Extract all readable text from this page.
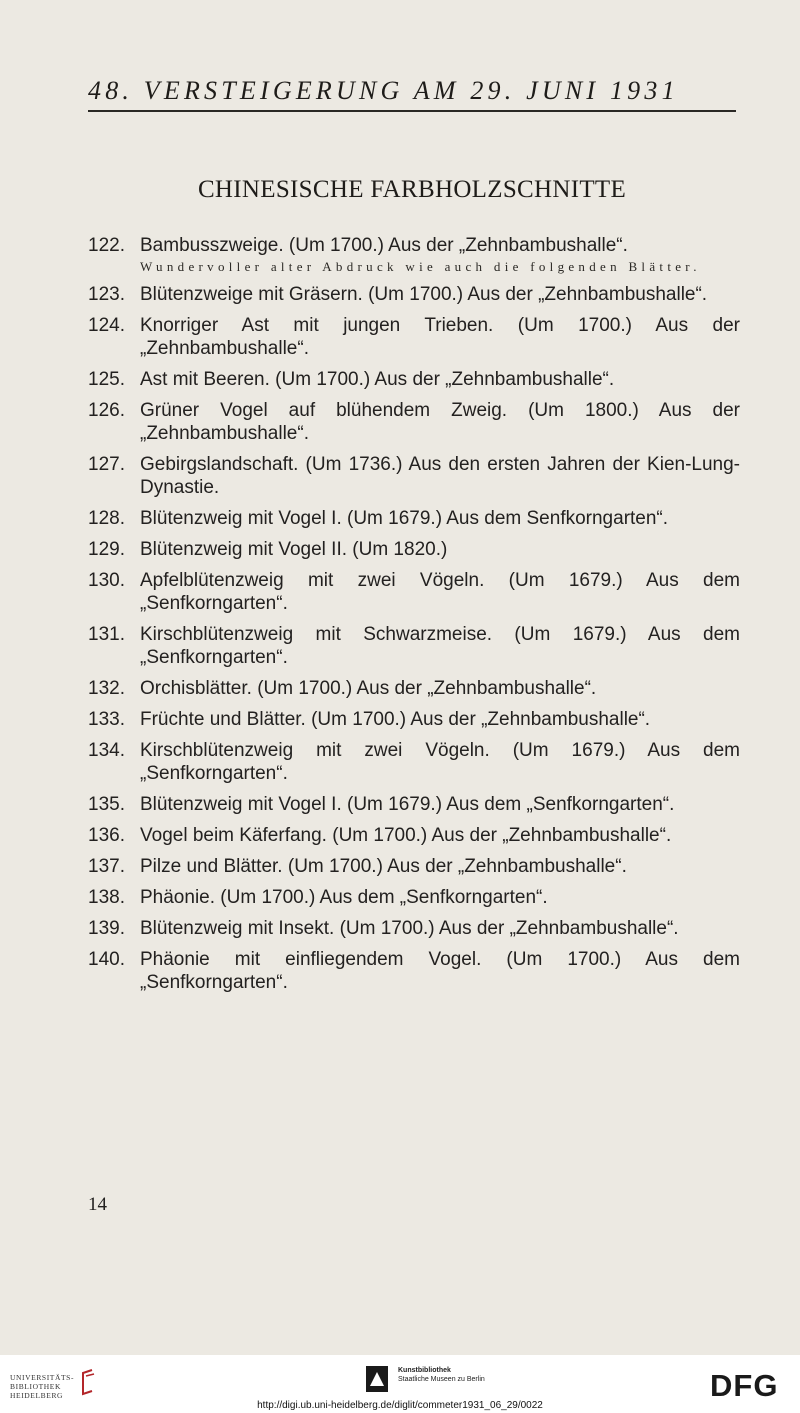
48. VERSTEIGERUNG AM 29. JUNI 1931
CHINESISCHE FARBHOLZSCHNITTE
122. Bambusszweige. (Um 1700.) Aus der „Zehnbambushalle“.
Wundervoller alter Abdruck wie auch die folgenden Blätter.
123. Blütenzweige mit Gräsern. (Um 1700.) Aus der „Zehnbambushalle“.
124. Knorriger Ast mit jungen Trieben. (Um 1700.) Aus der „Zehnbambushalle“.
125. Ast mit Beeren. (Um 1700.) Aus der „Zehnbambushalle“.
126. Grüner Vogel auf blühendem Zweig. (Um 1800.) Aus der „Zehnbambushalle“.
127. Gebirgslandschaft. (Um 1736.) Aus den ersten Jahren der Kien-Lung-Dynastie.
128. Blütenzweig mit Vogel I. (Um 1679.) Aus dem Senfkorngarten“.
129. Blütenzweig mit Vogel II. (Um 1820.)
130. Apfelblütenzweig mit zwei Vögeln. (Um 1679.) Aus dem „Senfkorngarten“.
131. Kirschblütenzweig mit Schwarzmeise. (Um 1679.) Aus dem „Senfkorngarten“.
132. Orchisblätter. (Um 1700.) Aus der „Zehnbambushalle“.
133. Früchte und Blätter. (Um 1700.) Aus der „Zehnbambushalle“.
134. Kirschblütenzweig mit zwei Vögeln. (Um 1679.) Aus dem „Senfkorngarten“.
135. Blütenzweig mit Vogel I. (Um 1679.) Aus dem „Senfkorngarten“.
136. Vogel beim Käferfang. (Um 1700.) Aus der „Zehnbambushalle“.
137. Pilze und Blätter. (Um 1700.) Aus der „Zehnbambushalle“.
138. Phäonie. (Um 1700.) Aus dem „Senfkorngarten“.
139. Blütenzweig mit Insekt. (Um 1700.) Aus der „Zehnbambushalle“.
140. Phäonie mit einfliegendem Vogel. (Um 1700.) Aus dem „Senfkorngarten“.
14
UNIVERSITÄTS-
BIBLIOTHEK
HEIDELBERG
Kunstbibliothek
Staatliche Museen zu Berlin	DFG
http://digi.ub.uni-heidelberg.de/diglit/commeter1931_06_29/0022
